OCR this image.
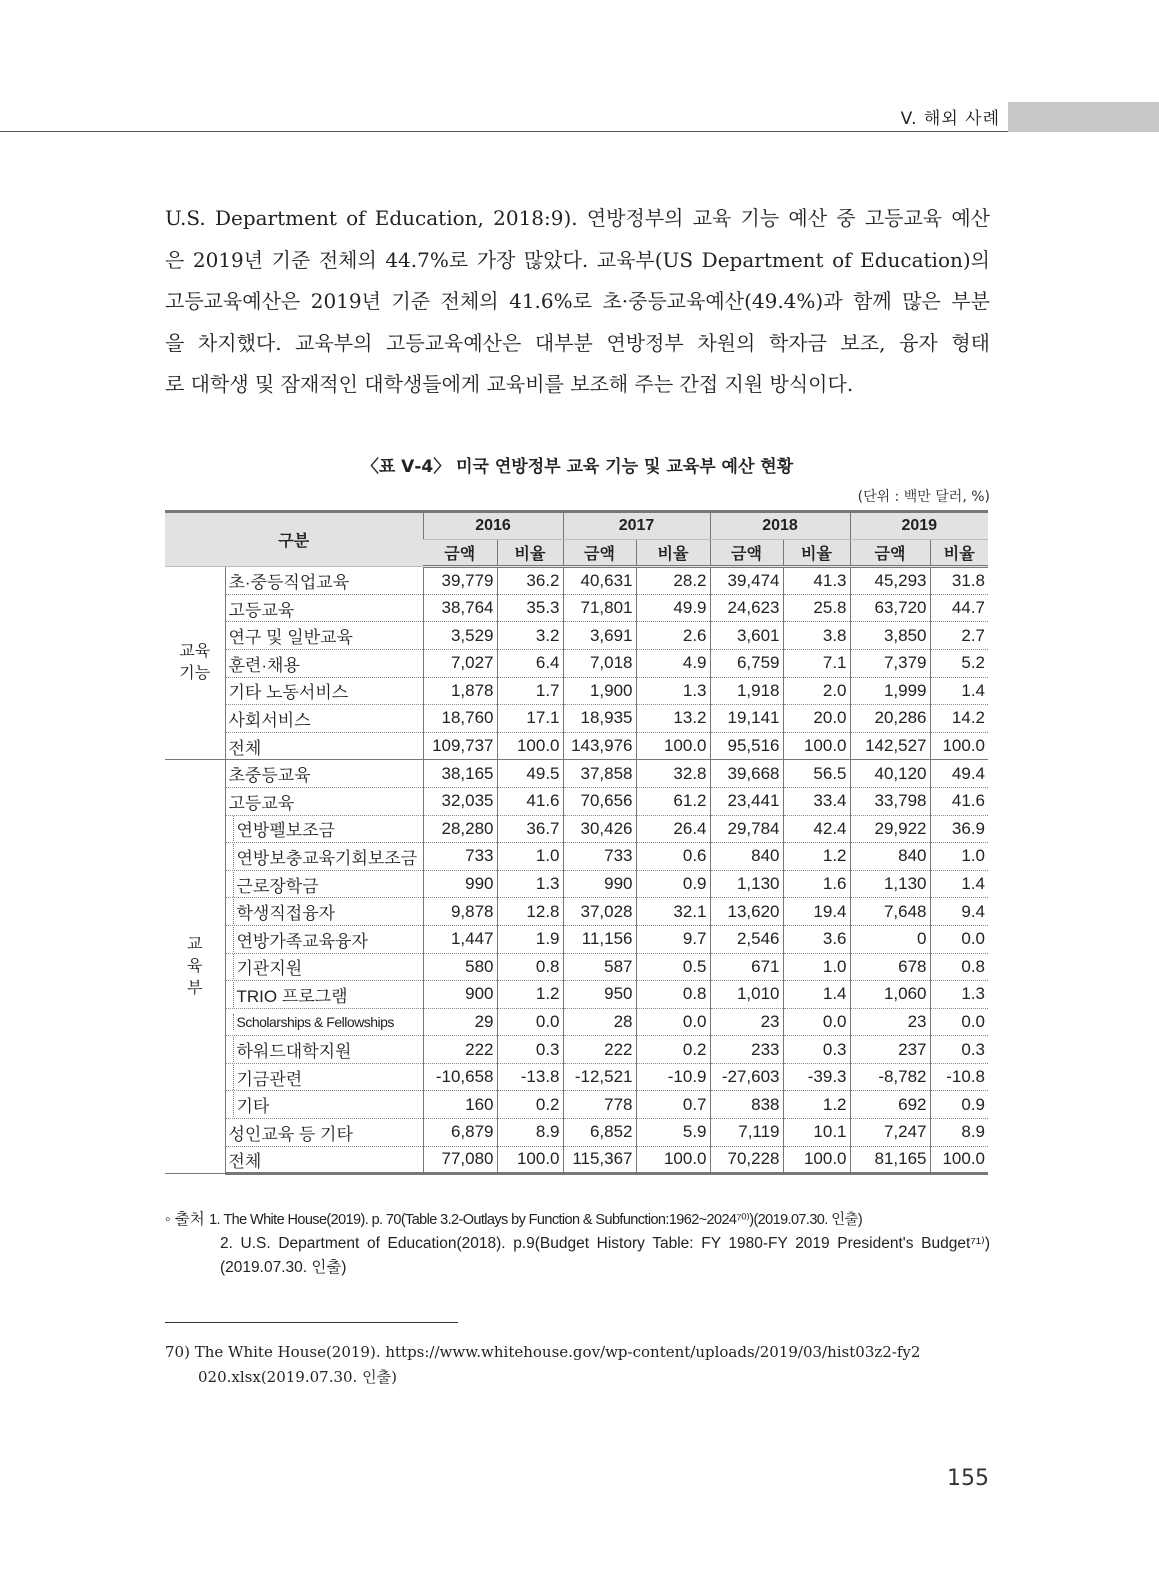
V. 해외 사례
U.S. Department of Education, 2018:9). 연방정부의 교육 기능 예산 중 고등교육 예산
은 2019년 기준 전체의 44.7%로 가장 많았다. 교육부(US Department of Education)의
고등교육예산은 2019년 기준 전체의 41.6%로 초·중등교육예산(49.4%)과 함께 많은 부분
을 차지했다. 교육부의 고등교육예산은 대부분 연방정부 차원의 학자금 보조, 융자 형태
로 대학생 및 잠재적인 대학생들에게 교육비를 보조해 주는 간접 지원 방식이다.
〈표 Ⅴ-4〉 미국 연방정부 교육 기능 및 교육부 예산 현황
(단위 : 백만 달러, %)
구분		2016		2017		2018		2019	
		금액	비율	금액	비율	금액	비율	금액	비율
교육
기능	초·중등직업교육	39,779	36.2	40,631	28.2	39,474	41.3	45,293	31.8
	고등교육	38,764	35.3	71,801	49.9	24,623	25.8	63,720	44.7
	연구 및 일반교육	3,529	3.2	3,691	2.6	3,601	3.8	3,850	2.7
	훈련·채용	7,027	6.4	7,018	4.9	6,759	7.1	7,379	5.2
	기타 노동서비스	1,878	1.7	1,900	1.3	1,918	2.0	1,999	1.4
	사회서비스	18,760	17.1	18,935	13.2	19,141	20.0	20,286	14.2
	전체	109,737	100.0	143,976	100.0	95,516	100.0	142,527	100.0
교
육
부	초중등교육	38,165	49.5	37,858	32.8	39,668	56.5	40,120	49.4
	고등교육	32,035	41.6	70,656	61.2	23,441	33.4	33,798	41.6
	연방펠보조금	28,280	36.7	30,426	26.4	29,784	42.4	29,922	36.9
	연방보충교육기회보조금	733	1.0	733	0.6	840	1.2	840	1.0
	근로장학금	990	1.3	990	0.9	1,130	1.6	1,130	1.4
	학생직접융자	9,878	12.8	37,028	32.1	13,620	19.4	7,648	9.4
	연방가족교육융자	1,447	1.9	11,156	9.7	2,546	3.6	0	0.0
	기관지원	580	0.8	587	0.5	671	1.0	678	0.8
	TRIO 프로그램	900	1.2	950	0.8	1,010	1.4	1,060	1.3
	Scholarships & Fellowships	29	0.0	28	0.0	23	0.0	23	0.0
	하워드대학지원	222	0.3	222	0.2	233	0.3	237	0.3
	기금관련	-10,658	-13.8	-12,521	-10.9	-27,603	-39.3	-8,782	-10.8
	기타	160	0.2	778	0.7	838	1.2	692	0.9
	성인교육 등 기타	6,879	8.9	6,852	5.9	7,119	10.1	7,247	8.9
	전체	77,080	100.0	115,367	100.0	70,228	100.0	81,165	100.0
◦ 출처 1. The White House(2019). p. 70(Table 3.2-Outlays by Function & Subfunction:1962~2024⁷⁰⁾)(2019.07.30. 인출)
2. U.S. Department of Education(2018). p.9(Budget History Table: FY 1980-FY 2019 President's Budget⁷¹⁾)(2019.07.30. 인출)
70) The White House(2019). https://www.whitehouse.gov/wp-content/uploads/2019/03/hist03z2-fy2
020.xlsx(2019.07.30. 인출)
155
